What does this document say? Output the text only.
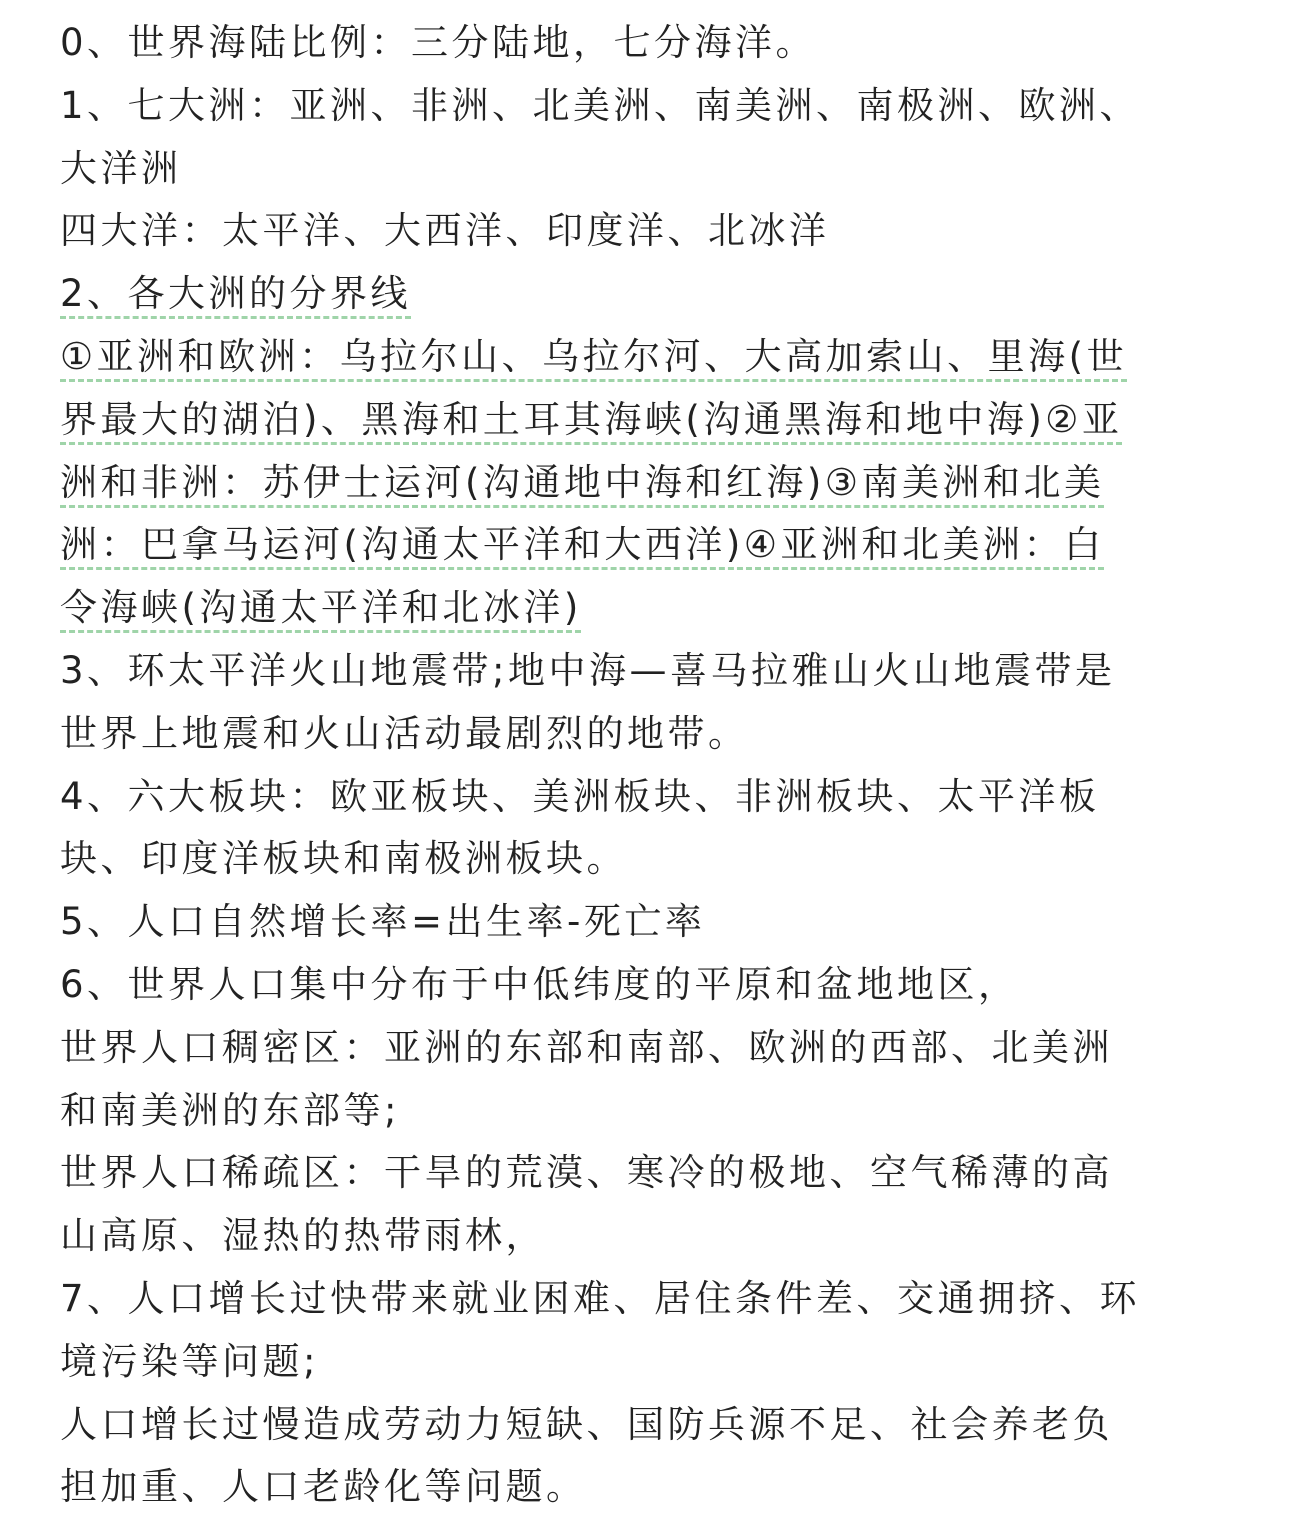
0、世界海陆比例：三分陆地，七分海洋。
1、七大洲：亚洲、非洲、北美洲、南美洲、南极洲、欧洲、
大洋洲
四大洋：太平洋、大西洋、印度洋、北冰洋
2、各大洲的分界线
①亚洲和欧洲：乌拉尔山、乌拉尔河、大高加索山、里海(世
界最大的湖泊)、黑海和土耳其海峡(沟通黑海和地中海)②亚
洲和非洲：苏伊士运河(沟通地中海和红海)③南美洲和北美
洲：巴拿马运河(沟通太平洋和大西洋)④亚洲和北美洲：白
令海峡(沟通太平洋和北冰洋)
3、环太平洋火山地震带;地中海—喜马拉雅山火山地震带是
世界上地震和火山活动最剧烈的地带。
4、六大板块：欧亚板块、美洲板块、非洲板块、太平洋板
块、印度洋板块和南极洲板块。
5、人口自然增长率=出生率-死亡率
6、世界人口集中分布于中低纬度的平原和盆地地区，
世界人口稠密区：亚洲的东部和南部、欧洲的西部、北美洲
和南美洲的东部等;
世界人口稀疏区：干旱的荒漠、寒冷的极地、空气稀薄的高
山高原、湿热的热带雨林，
7、人口增长过快带来就业困难、居住条件差、交通拥挤、环
境污染等问题;
人口增长过慢造成劳动力短缺、国防兵源不足、社会养老负
担加重、人口老龄化等问题。
